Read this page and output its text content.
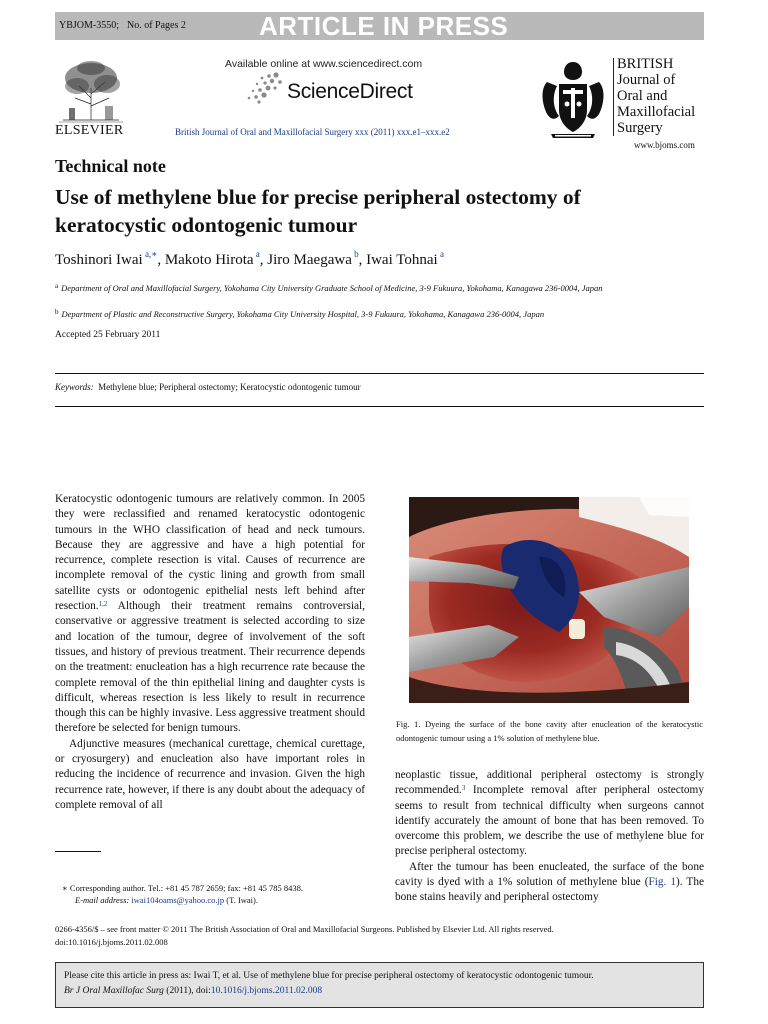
YBJOM-3550; No. of Pages 2	ARTICLE IN PRESS
ELSEVIER
Available online at www.sciencedirect.com
ScienceDirect
British Journal of Oral and Maxillofacial Surgery xxx (2011) xxx.e1–xxx.e2
BRITISH
Journal of
Oral and
Maxillofacial
Surgery
www.bjoms.com
Technical note
Use of methylene blue for precise peripheral ostectomy of keratocystic odontogenic tumour
Toshinori Iwai $^{a,∗}$, Makoto Hirota $^a$, Jiro Maegawa $^b$, Iwai Tohnai $^a$
$^a$ Department of Oral and Maxillofacial Surgery, Yokohama City University Graduate School of Medicine, 3-9 Fukuura, Yokohama, Kanagawa 236-0004, Japan
$^b$ Department of Plastic and Reconstructive Surgery, Yokohama City University Hospital, 3-9 Fukuura, Yokohama, Kanagawa 236-0004, Japan
Accepted 25 February 2011
Keywords: Methylene blue; Peripheral ostectomy; Keratocystic odontogenic tumour

Keratocystic odontogenic tumours are relatively common. In 2005 they were reclassified and renamed keratocystic odontogenic tumours in the WHO classification of head and neck tumours. Because they are aggressive and have a high potential for recurrence, complete resection is vital. Causes of recurrence are incomplete removal of the cystic lining and growth from small satellite cysts or odontogenic epithelial nests left behind after resection.$^{1,2}$ Although their treatment remains controversial, conservative or aggressive treatment is selected according to size and location of the tumour, degree of involvement of the soft tissues, and history of previous treatment. Their recurrence depends on the treatment: enucleation has a high recurrence rate because the complete removal of the thin epithelial lining and daughter cysts is difficult, whereas resection is less likely to result in recurrence though this can be highly invasive. Less aggressive treatment should therefore be selected for benign tumours.

Adjunctive measures (mechanical curettage, chemical curettage, or cryosurgery) and enucleation also have important roles in reducing the incidence of recurrence and invasion. Given the high recurrence rate, however, if there is any doubt about the adequacy of complete removal of all

Fig. 1. Dyeing the surface of the bone cavity after enucleation of the keratocystic odontogenic tumour using a 1% solution of methylene blue.

neoplastic tissue, additional peripheral ostectomy is strongly recommended.$^3$ Incomplete removal after peripheral ostectomy seems to result from technical difficulty when surgeons cannot identify accurately the amount of bone that has been removed. To overcome this problem, we describe the use of methylene blue for precise peripheral ostectomy.

After the tumour has been enucleated, the surface of the bone cavity is dyed with a 1% solution of methylene blue (Fig. 1). The bone stains heavily and peripheral ostectomy

∗ Corresponding author. Tel.: +81 45 787 2659; fax: +81 45 785 8438.
E-mail address: iwai104oams@yahoo.co.jp (T. Iwai).
0266-4356/$ – see front matter © 2011 The British Association of Oral and Maxillofacial Surgeons. Published by Elsevier Ltd. All rights reserved.
doi:10.1016/j.bjoms.2011.02.008
Please cite this article in press as: Iwai T, et al. Use of methylene blue for precise peripheral ostectomy of keratocystic odontogenic tumour.
Br J Oral Maxillofac Surg (2011), doi:10.1016/j.bjoms.2011.02.008
